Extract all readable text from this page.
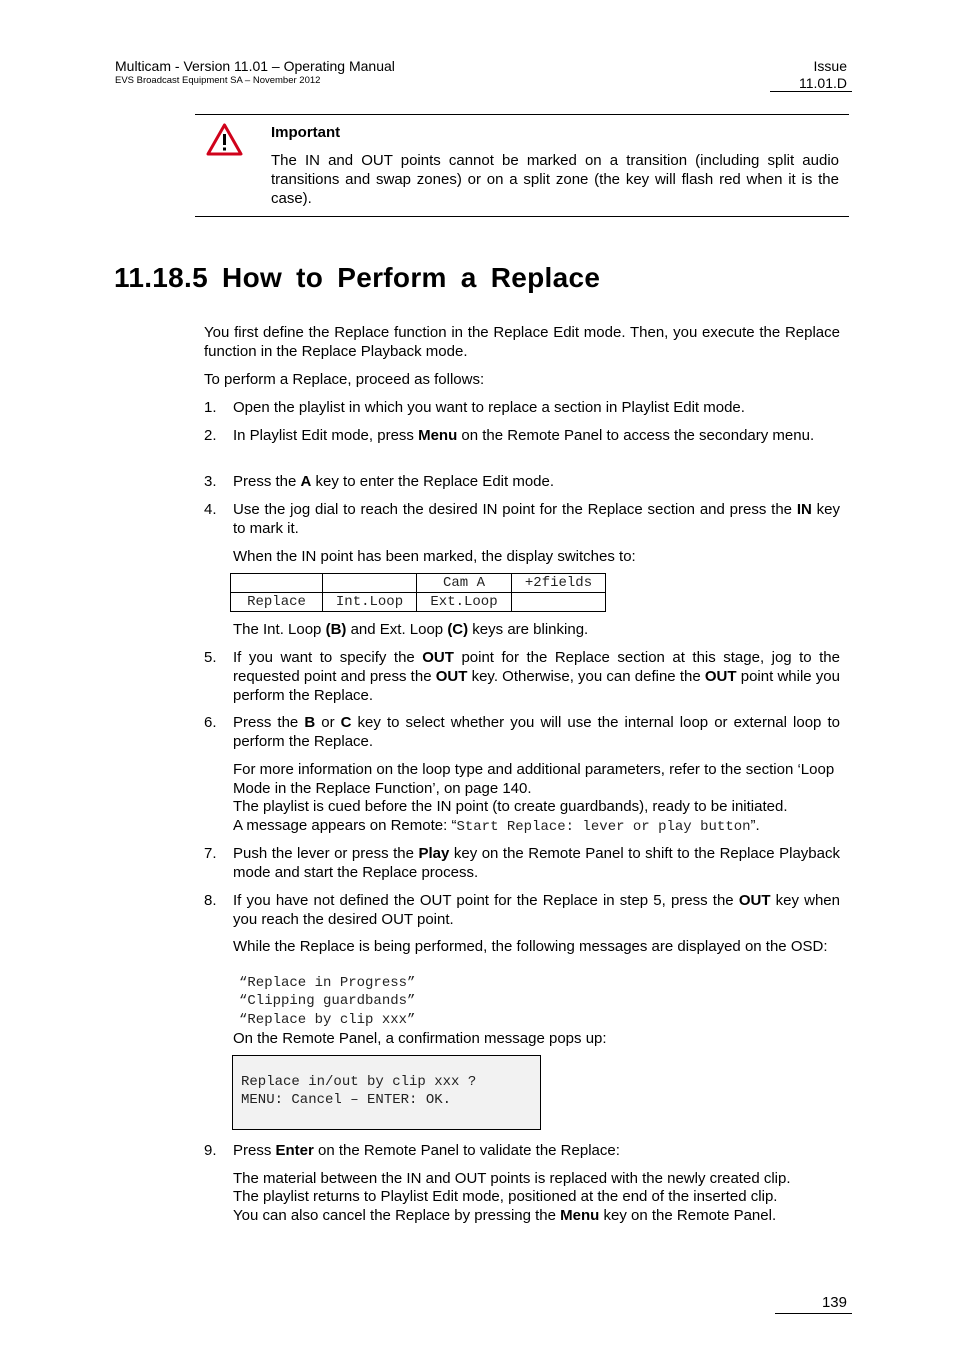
Multicam - Version 11.01 – Operating Manual
EVS Broadcast Equipment SA – November 2012
Issue
11.01.D
Important
The IN and OUT points cannot be marked on a transition (including split audio transitions and swap zones) or on a split zone (the key will flash red when it is the case).
11.18.5 How to Perform a Replace
You first define the Replace function in the Replace Edit mode. Then, you execute the Replace function in the Replace Playback mode.
To perform a Replace, proceed as follows:
1. Open the playlist in which you want to replace a section in Playlist Edit mode.
2. In Playlist Edit mode, press Menu on the Remote Panel to access the secondary menu.
3. Press the A key to enter the Replace Edit mode.
4. Use the jog dial to reach the desired IN point for the Replace section and press the IN key to mark it.
When the IN point has been marked, the display switches to:
		Cam A	+2fields
Replace	Int.Loop	Ext.Loop	
The Int. Loop (B) and Ext. Loop (C) keys are blinking.
5. If you want to specify the OUT point for the Replace section at this stage, jog to the requested point and press the OUT key. Otherwise, you can define the OUT point while you perform the Replace.
6. Press the B or C key to select whether you will use the internal loop or external loop to perform the Replace.
For more information on the loop type and additional parameters, refer to the section ‘Loop Mode in the Replace Function’, on page 140.
The playlist is cued before the IN point (to create guardbands), ready to be initiated.
A message appears on Remote: “Start Replace: lever or play button”.
7. Push the lever or press the Play key on the Remote Panel to shift to the Replace Playback mode and start the Replace process.
8. If you have not defined the OUT point for the Replace in step 5, press the OUT key when you reach the desired OUT point.
While the Replace is being performed, the following messages are displayed on the OSD:
“Replace in Progress”
“Clipping guardbands”
“Replace by clip xxx”
On the Remote Panel, a confirmation message pops up:
Replace in/out by clip xxx ?
MENU: Cancel – ENTER: OK.
9. Press Enter on the Remote Panel to validate the Replace:
The material between the IN and OUT points is replaced with the newly created clip.
The playlist returns to Playlist Edit mode, positioned at the end of the inserted clip.
You can also cancel the Replace by pressing the Menu key on the Remote Panel.
139
